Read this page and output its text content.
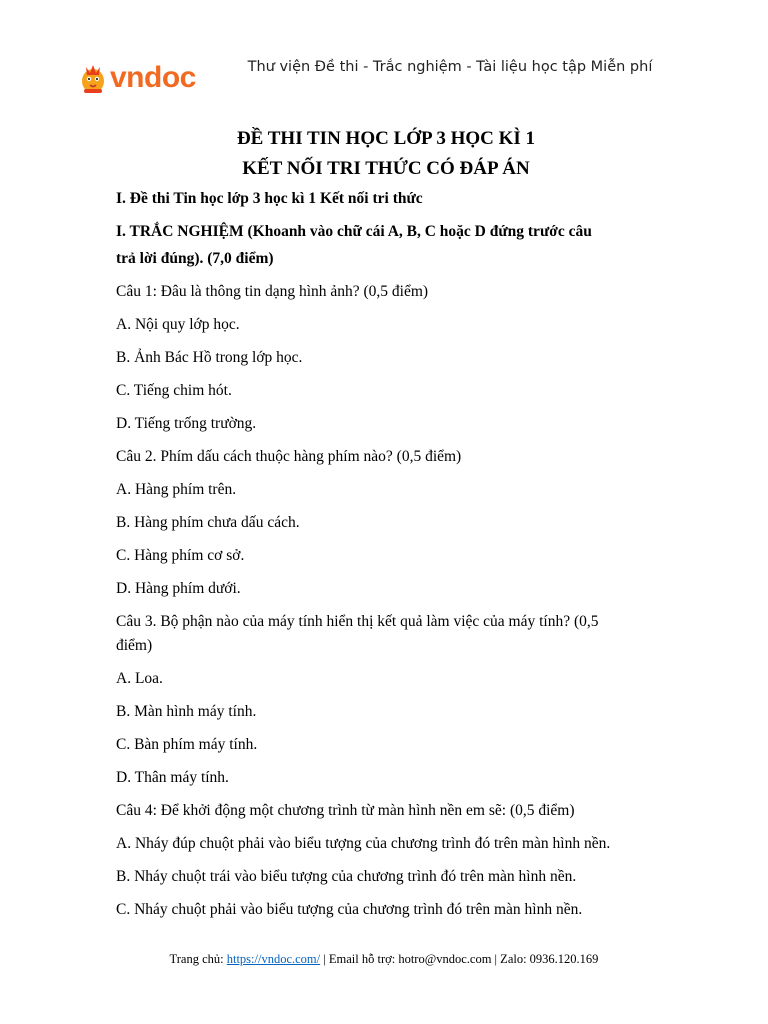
vndoc	Thư viện Đề thi - Trắc nghiệm - Tài liệu học tập Miễn phí

ĐỀ THI TIN HỌC LỚP 3 HỌC KÌ 1

KẾT NỐI TRI THỨC CÓ ĐÁP ÁN

I. Đề thi Tin học lớp 3 học kì 1 Kết nối tri thức

I. TRẮC NGHIỆM (Khoanh vào chữ cái A, B, C hoặc D đứng trước câu

trả lời đúng). (7,0 điểm)

Câu 1: Đâu là thông tin dạng hình ảnh? (0,5 điểm)

A. Nội quy lớp học.

B. Ảnh Bác Hồ trong lớp học.

C. Tiếng chim hót.

D. Tiếng trống trường.

Câu 2. Phím dấu cách thuộc hàng phím nào? (0,5 điểm)

A. Hàng phím trên.

B. Hàng phím chưa dấu cách.

C. Hàng phím cơ sở.

D. Hàng phím dưới.

Câu 3. Bộ phận nào của máy tính hiển thị kết quả làm việc của máy tính? (0,5

điểm)

A. Loa.

B. Màn hình máy tính.

C. Bàn phím máy tính.

D. Thân máy tính.

Câu 4: Để khởi động một chương trình từ màn hình nền em sẽ: (0,5 điểm)

A. Nháy đúp chuột phải vào biểu tượng của chương trình đó trên màn hình nền.

B. Nháy chuột trái vào biểu tượng của chương trình đó trên màn hình nền.

C. Nháy chuột phải vào biểu tượng của chương trình đó trên màn hình nền.

Trang chủ: https://vndoc.com/ | Email hỗ trợ: hotro@vndoc.com | Zalo: 0936.120.169
